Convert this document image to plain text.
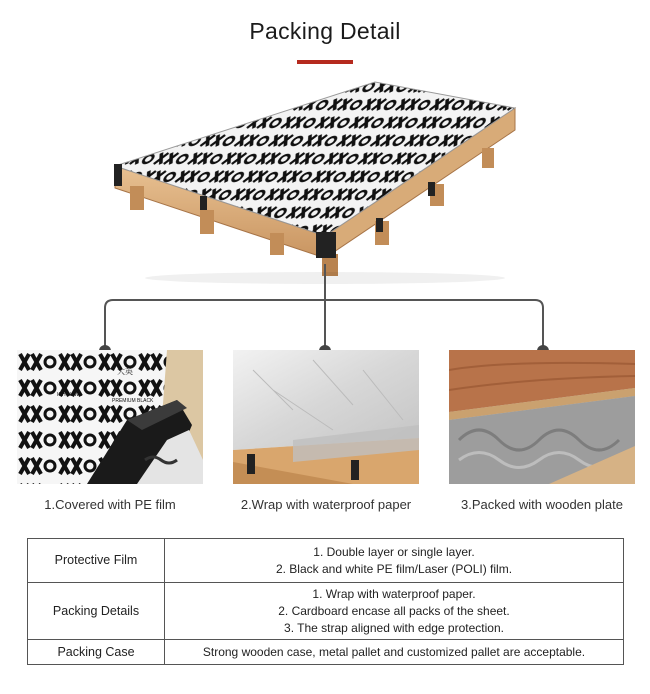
Packing Detail
大英
ICH-HAWA
PREMIUM BLACK
1.Covered with PE film	2.Wrap with waterproof paper	3.Packed with wooden plate
Protective Film	1. Double layer or single layer.
2. Black and white PE film/Laser (POLI) film.

Packing Details	1. Wrap with waterproof paper.
2. Cardboard encase all packs of the sheet.
3. The strap aligned with edge protection.

Packing Case	Strong wooden case, metal pallet and customized pallet are acceptable.
